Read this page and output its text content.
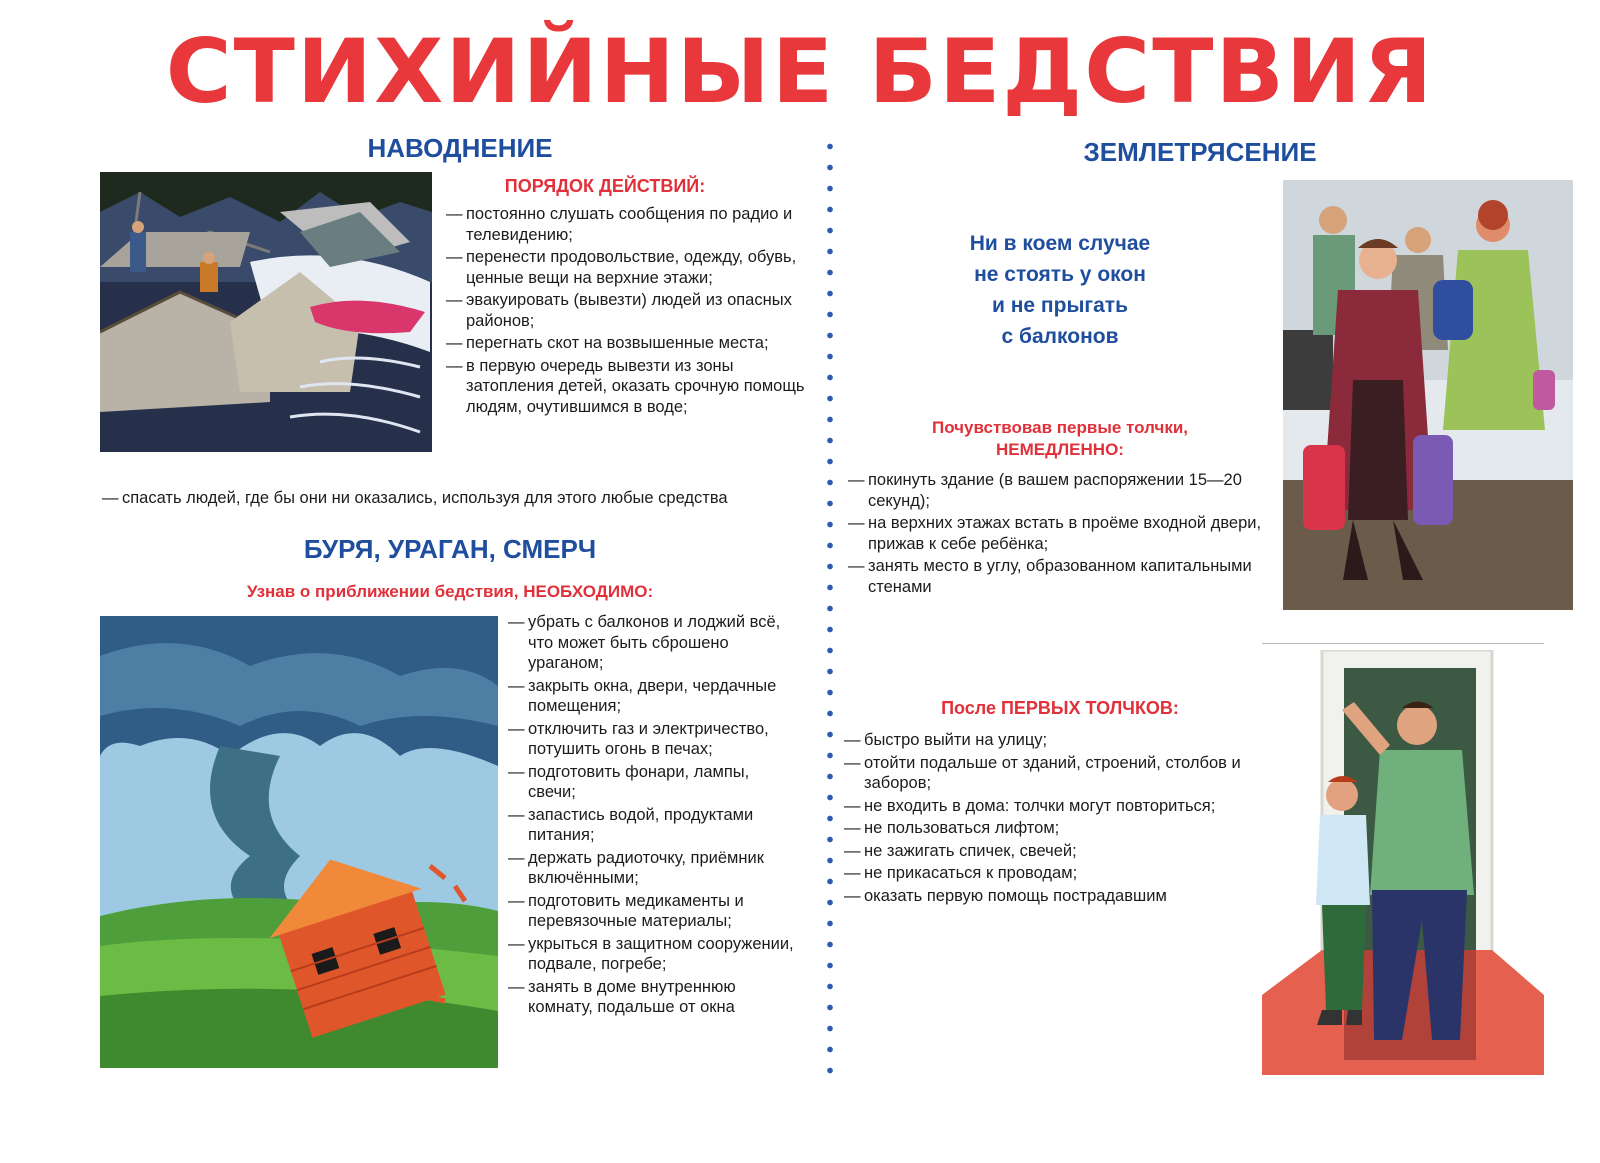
СТИХИЙНЫЕ БЕДСТВИЯ
НАВОДНЕНИЕ
ПОРЯДОК ДЕЙСТВИЙ:
— постоянно слушать сообщения по радио и телевидению;
— перенести продовольствие, одежду, обувь, ценные вещи на верхние этажи;
— эвакуировать (вывезти) людей из опасных районов;
— перегнать скот на возвышенные места;
— в первую очередь вывезти из зоны затопления детей, оказать срочную помощь людям, очутившимся в воде;
— спасать людей, где бы они ни оказались, используя для этого любые средства
БУРЯ, УРАГАН, СМЕРЧ
Узнав о приближении бедствия, НЕОБХОДИМО:
— убрать с балконов и лоджий всё, что может быть сброшено ураганом;
— закрыть окна, двери, чердачные помещения;
— отключить газ и электричество, потушить огонь в печах;
— подготовить фонари, лампы, свечи;
— запастись водой, продуктами питания;
— держать радиоточку, приёмник включёнными;
— подготовить медикаменты и перевязочные материалы;
— укрыться в защитном сооружении, подвале, погребе;
— занять в доме внутреннюю комнату, подальше от окна
ЗЕМЛЕТРЯСЕНИЕ
Ни в коем случае
не стоять у окон
и не прыгать
с балконов
Почувствовав первые толчки,
НЕМЕДЛЕННО:
— покинуть здание (в вашем распоряжении 15—20 секунд);
— на верхних этажах встать в проёме входной двери, прижав к себе ребёнка;
— занять место в углу, образованном капитальными стенами
После ПЕРВЫХ ТОЛЧКОВ:
— быстро выйти на улицу;
— отойти подальше от зданий, строений, столбов и заборов;
— не входить в дома: толчки могут повториться;
— не пользоваться лифтом;
— не зажигать спичек, свечей;
— не прикасаться к проводам;
— оказать первую помощь пострадавшим
